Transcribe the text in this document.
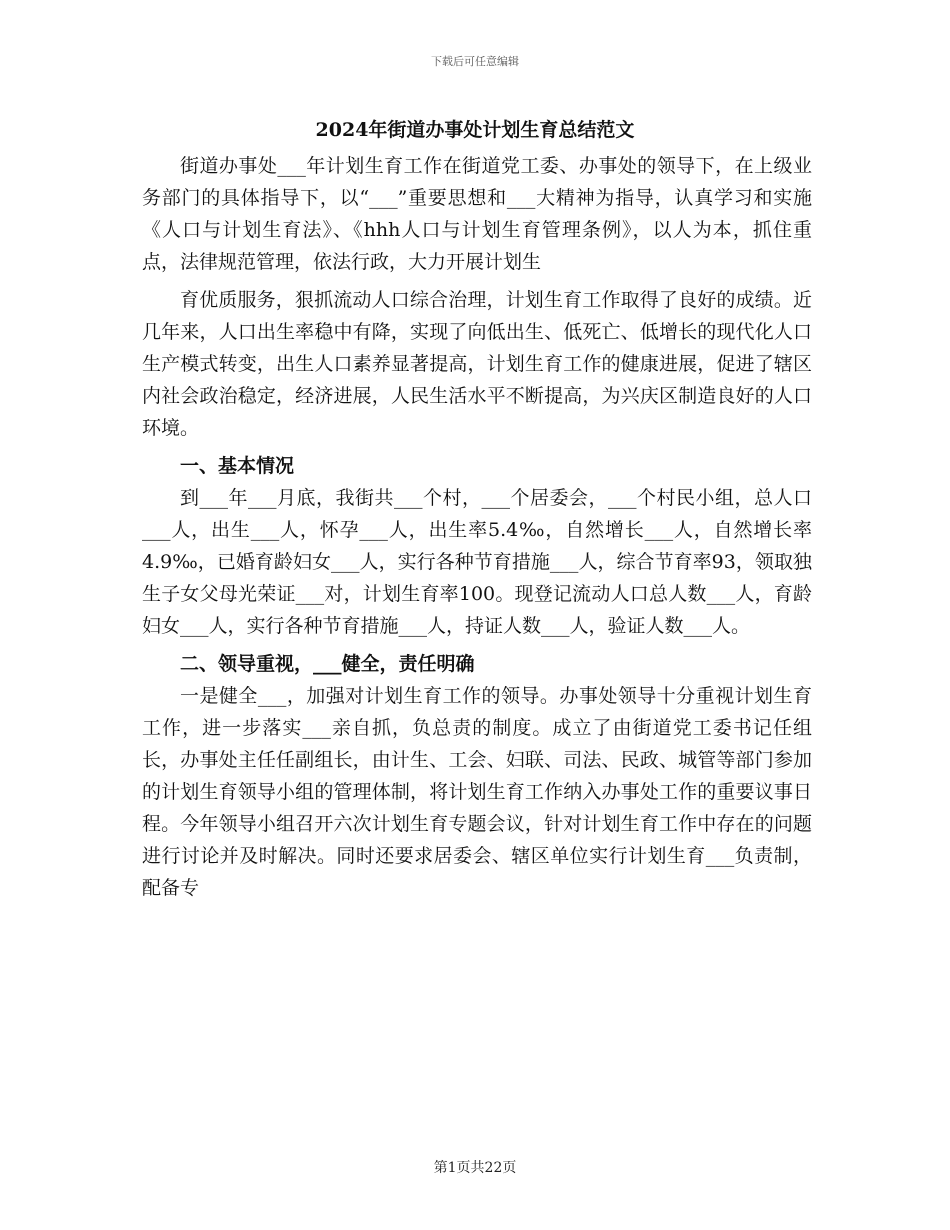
下载后可任意编辑
2024年街道办事处计划生育总结范文

街道办事处___年计划生育工作在街道党工委、办事处的领导下，在上级业务部门的具体指导下，以“___”重要思想和___大精神为指导，认真学习和实施《人口与计划生育法》、《hhh人口与计划生育管理条例》，以人为本，抓住重点，法律规范管理，依法行政，大力开展计划生

育优质服务，狠抓流动人口综合治理，计划生育工作取得了良好的成绩。近几年来，人口出生率稳中有降，实现了向低出生、低死亡、低增长的现代化人口生产模式转变，出生人口素养显著提高，计划生育工作的健康进展，促进了辖区内社会政治稳定，经济进展，人民生活水平不断提高，为兴庆区制造良好的人口环境。

一、基本情况

到___年___月底，我街共___个村，___个居委会，___个村民小组，总人口___人，出生___人，怀孕___人，出生率5.4‰，自然增长___人，自然增长率4.9‰，已婚育龄妇女___人，实行各种节育措施___人，综合节育率93，领取独生子女父母光荣证___对，计划生育率100。现登记流动人口总人数___人，育龄妇女___人，实行各种节育措施___人，持证人数___人，验证人数___人。

二、领导重视，___健全，责任明确

一是健全___，加强对计划生育工作的领导。办事处领导十分重视计划生育工作，进一步落实___亲自抓，负总责的制度。成立了由街道党工委书记任组长，办事处主任任副组长，由计生、工会、妇联、司法、民政、城管等部门参加的计划生育领导小组的管理体制，将计划生育工作纳入办事处工作的重要议事日程。今年领导小组召开六次计划生育专题会议，针对计划生育工作中存在的问题进行讨论并及时解决。同时还要求居委会、辖区单位实行计划生育___负责制，配备专

第1页共22页
